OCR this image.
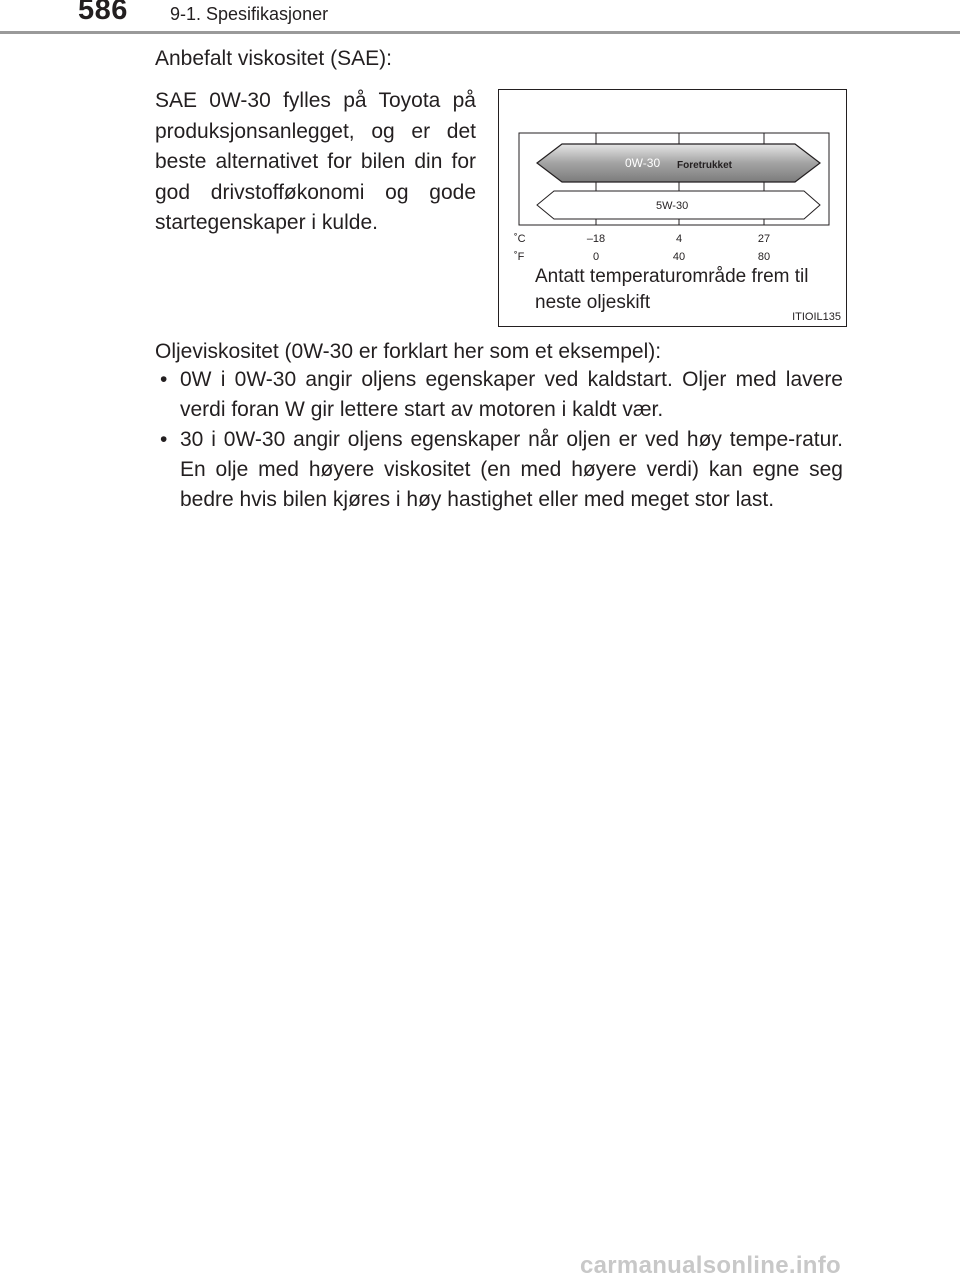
586 9-1. Spesifikasjoner
Anbefalt viskositet (SAE):
SAE 0W-30 fylles på Toyota på produksjonsanlegget, og er det beste alternativet for bilen din for god drivstofføkonomi og gode startegenskaper i kulde.
0W-30 Foretrukket
5W-30
˚C
˚F
–18	4	27
0	40	80
ITIOIL135
Antatt temperaturområde frem til neste oljeskift
Oljeviskositet (0W-30 er forklart her som et eksempel):
• 0W i 0W-30 angir oljens egenskaper ved kaldstart. Oljer med lavere verdi foran W gir lettere start av motoren i kaldt vær.
• 30 i 0W-30 angir oljens egenskaper når oljen er ved høy tempe-ratur. En olje med høyere viskositet (en med høyere verdi) kan egne seg bedre hvis bilen kjøres i høy hastighet eller med meget stor last.
carmanualsonline.info
